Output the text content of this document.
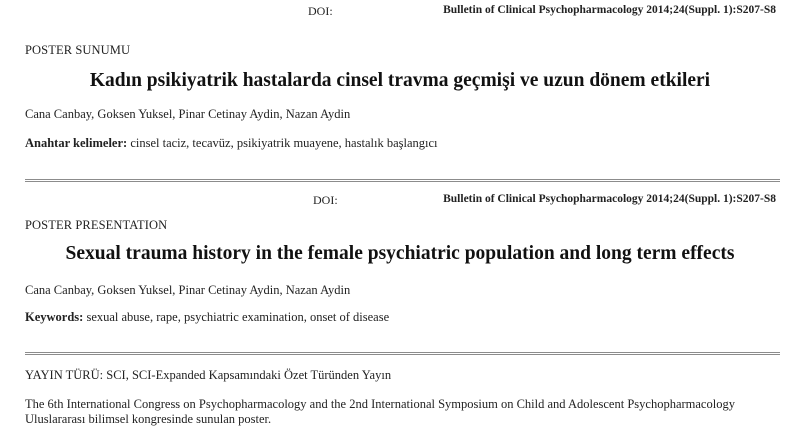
DOI:	Bulletin of Clinical Psychopharmacology 2014;24(Suppl. 1):S207-S8
POSTER SUNUMU
Kadın psikiyatrik hastalarda cinsel travma geçmişi ve uzun dönem etkileri
Cana Canbay, Goksen Yuksel, Pinar Cetinay Aydin, Nazan Aydin
Anahtar kelimeler: cinsel taciz, tecavüz, psikiyatrik muayene, hastalık başlangıcı
DOI:	Bulletin of Clinical Psychopharmacology 2014;24(Suppl. 1):S207-S8
POSTER PRESENTATION
Sexual trauma history in the female psychiatric population and long term effects
Cana Canbay, Goksen Yuksel, Pinar Cetinay Aydin, Nazan Aydin
Keywords: sexual abuse, rape, psychiatric examination, onset of disease
YAYIN TÜRÜ: SCI, SCI-Expanded Kapsamındaki Özet Türünden Yayın
The 6th International Congress on Psychopharmacology and the 2nd International Symposium on Child and Adolescent Psychopharmacology
Uluslararası bilimsel kongresinde sunulan poster.
